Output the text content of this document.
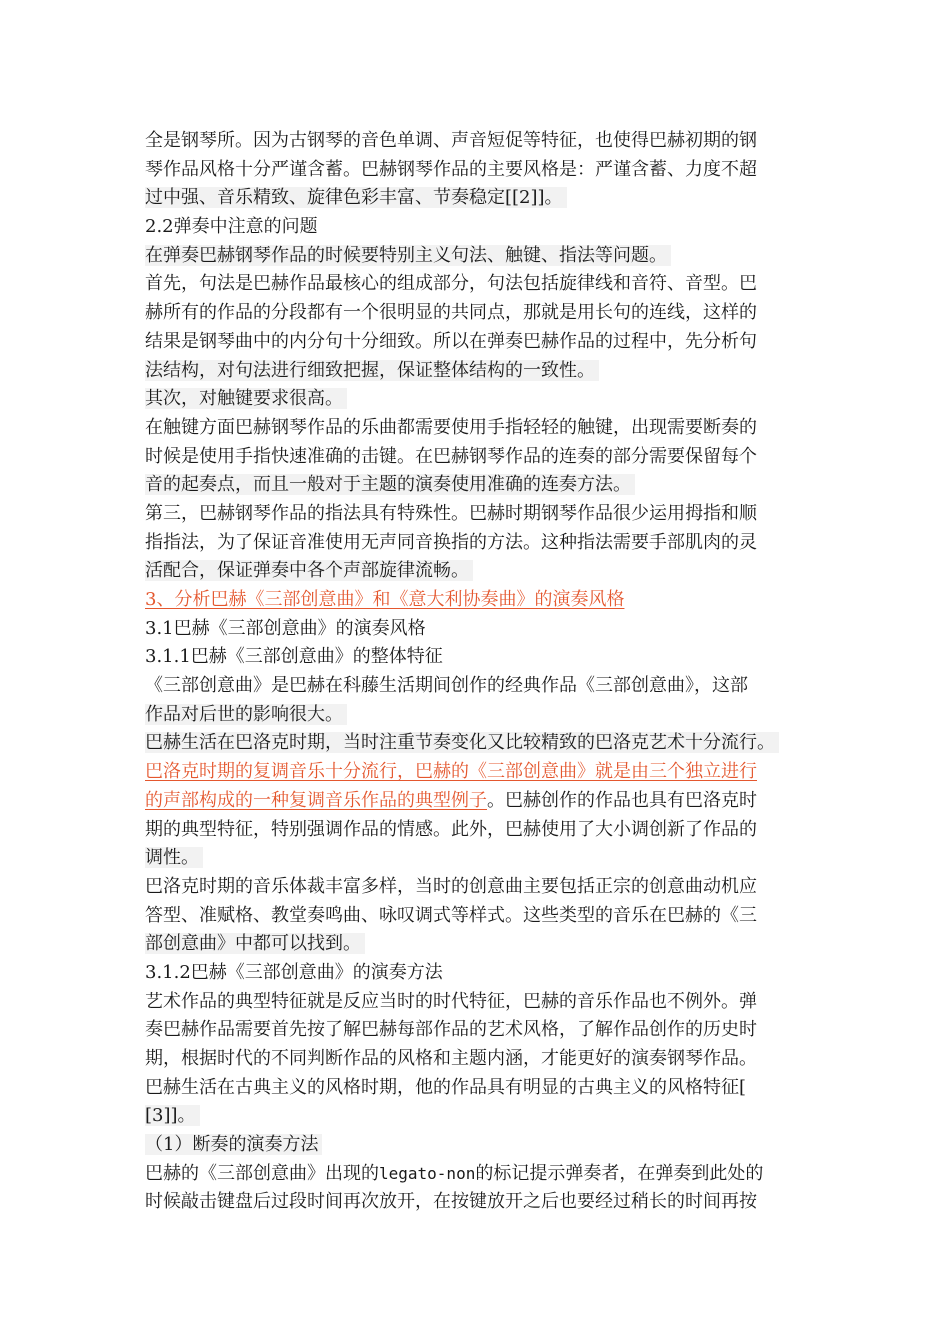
全是钢琴所。因为古钢琴的音色单调、声音短促等特征，也使得巴赫初期的钢
琴作品风格十分严谨含蓄。巴赫钢琴作品的主要风格是：严谨含蓄、力度不超
过中强、音乐精致、旋律色彩丰富、节奏稳定[[2]]。
2.2弹奏中注意的问题
在弹奏巴赫钢琴作品的时候要特别主义句法、触键、指法等问题。
首先，句法是巴赫作品最核心的组成部分，句法包括旋律线和音符、音型。巴
赫所有的作品的分段都有一个很明显的共同点，那就是用长句的连线，这样的
结果是钢琴曲中的内分句十分细致。所以在弹奏巴赫作品的过程中，先分析句
法结构，对句法进行细致把握，保证整体结构的一致性。
其次，对触键要求很高。
在触键方面巴赫钢琴作品的乐曲都需要使用手指轻轻的触键，出现需要断奏的
时候是使用手指快速准确的击键。在巴赫钢琴作品的连奏的部分需要保留每个
音的起奏点，而且一般对于主题的演奏使用准确的连奏方法。
第三，巴赫钢琴作品的指法具有特殊性。巴赫时期钢琴作品很少运用拇指和顺
指指法，为了保证音准使用无声同音换指的方法。这种指法需要手部肌肉的灵
活配合，保证弹奏中各个声部旋律流畅。
3、分析巴赫《三部创意曲》和《意大利协奏曲》的演奏风格
3.1巴赫《三部创意曲》的演奏风格
3.1.1巴赫《三部创意曲》的整体特征
《三部创意曲》是巴赫在科藤生活期间创作的经典作品《三部创意曲》，这部
作品对后世的影响很大。
巴赫生活在巴洛克时期，当时注重节奏变化又比较精致的巴洛克艺术十分流行。
巴洛克时期的复调音乐十分流行，巴赫的《三部创意曲》就是由三个独立进行
的声部构成的一种复调音乐作品的典型例子。巴赫创作的作品也具有巴洛克时
期的典型特征，特别强调作品的情感。此外，巴赫使用了大小调创新了作品的
调性。
巴洛克时期的音乐体裁丰富多样，当时的创意曲主要包括正宗的创意曲动机应
答型、准赋格、教堂奏鸣曲、咏叹调式等样式。这些类型的音乐在巴赫的《三
部创意曲》中都可以找到。
3.1.2巴赫《三部创意曲》的演奏方法
艺术作品的典型特征就是反应当时的时代特征，巴赫的音乐作品也不例外。弹
奏巴赫作品需要首先按了解巴赫每部作品的艺术风格，了解作品创作的历史时
期，根据时代的不同判断作品的风格和主题内涵，才能更好的演奏钢琴作品。
巴赫生活在古典主义的风格时期，他的作品具有明显的古典主义的风格特征[
[3]]。
（1）断奏的演奏方法
巴赫的《三部创意曲》出现的legato-non的标记提示弹奏者，在弹奏到此处的
时候敲击键盘后过段时间再次放开，在按键放开之后也要经过稍长的时间再按
